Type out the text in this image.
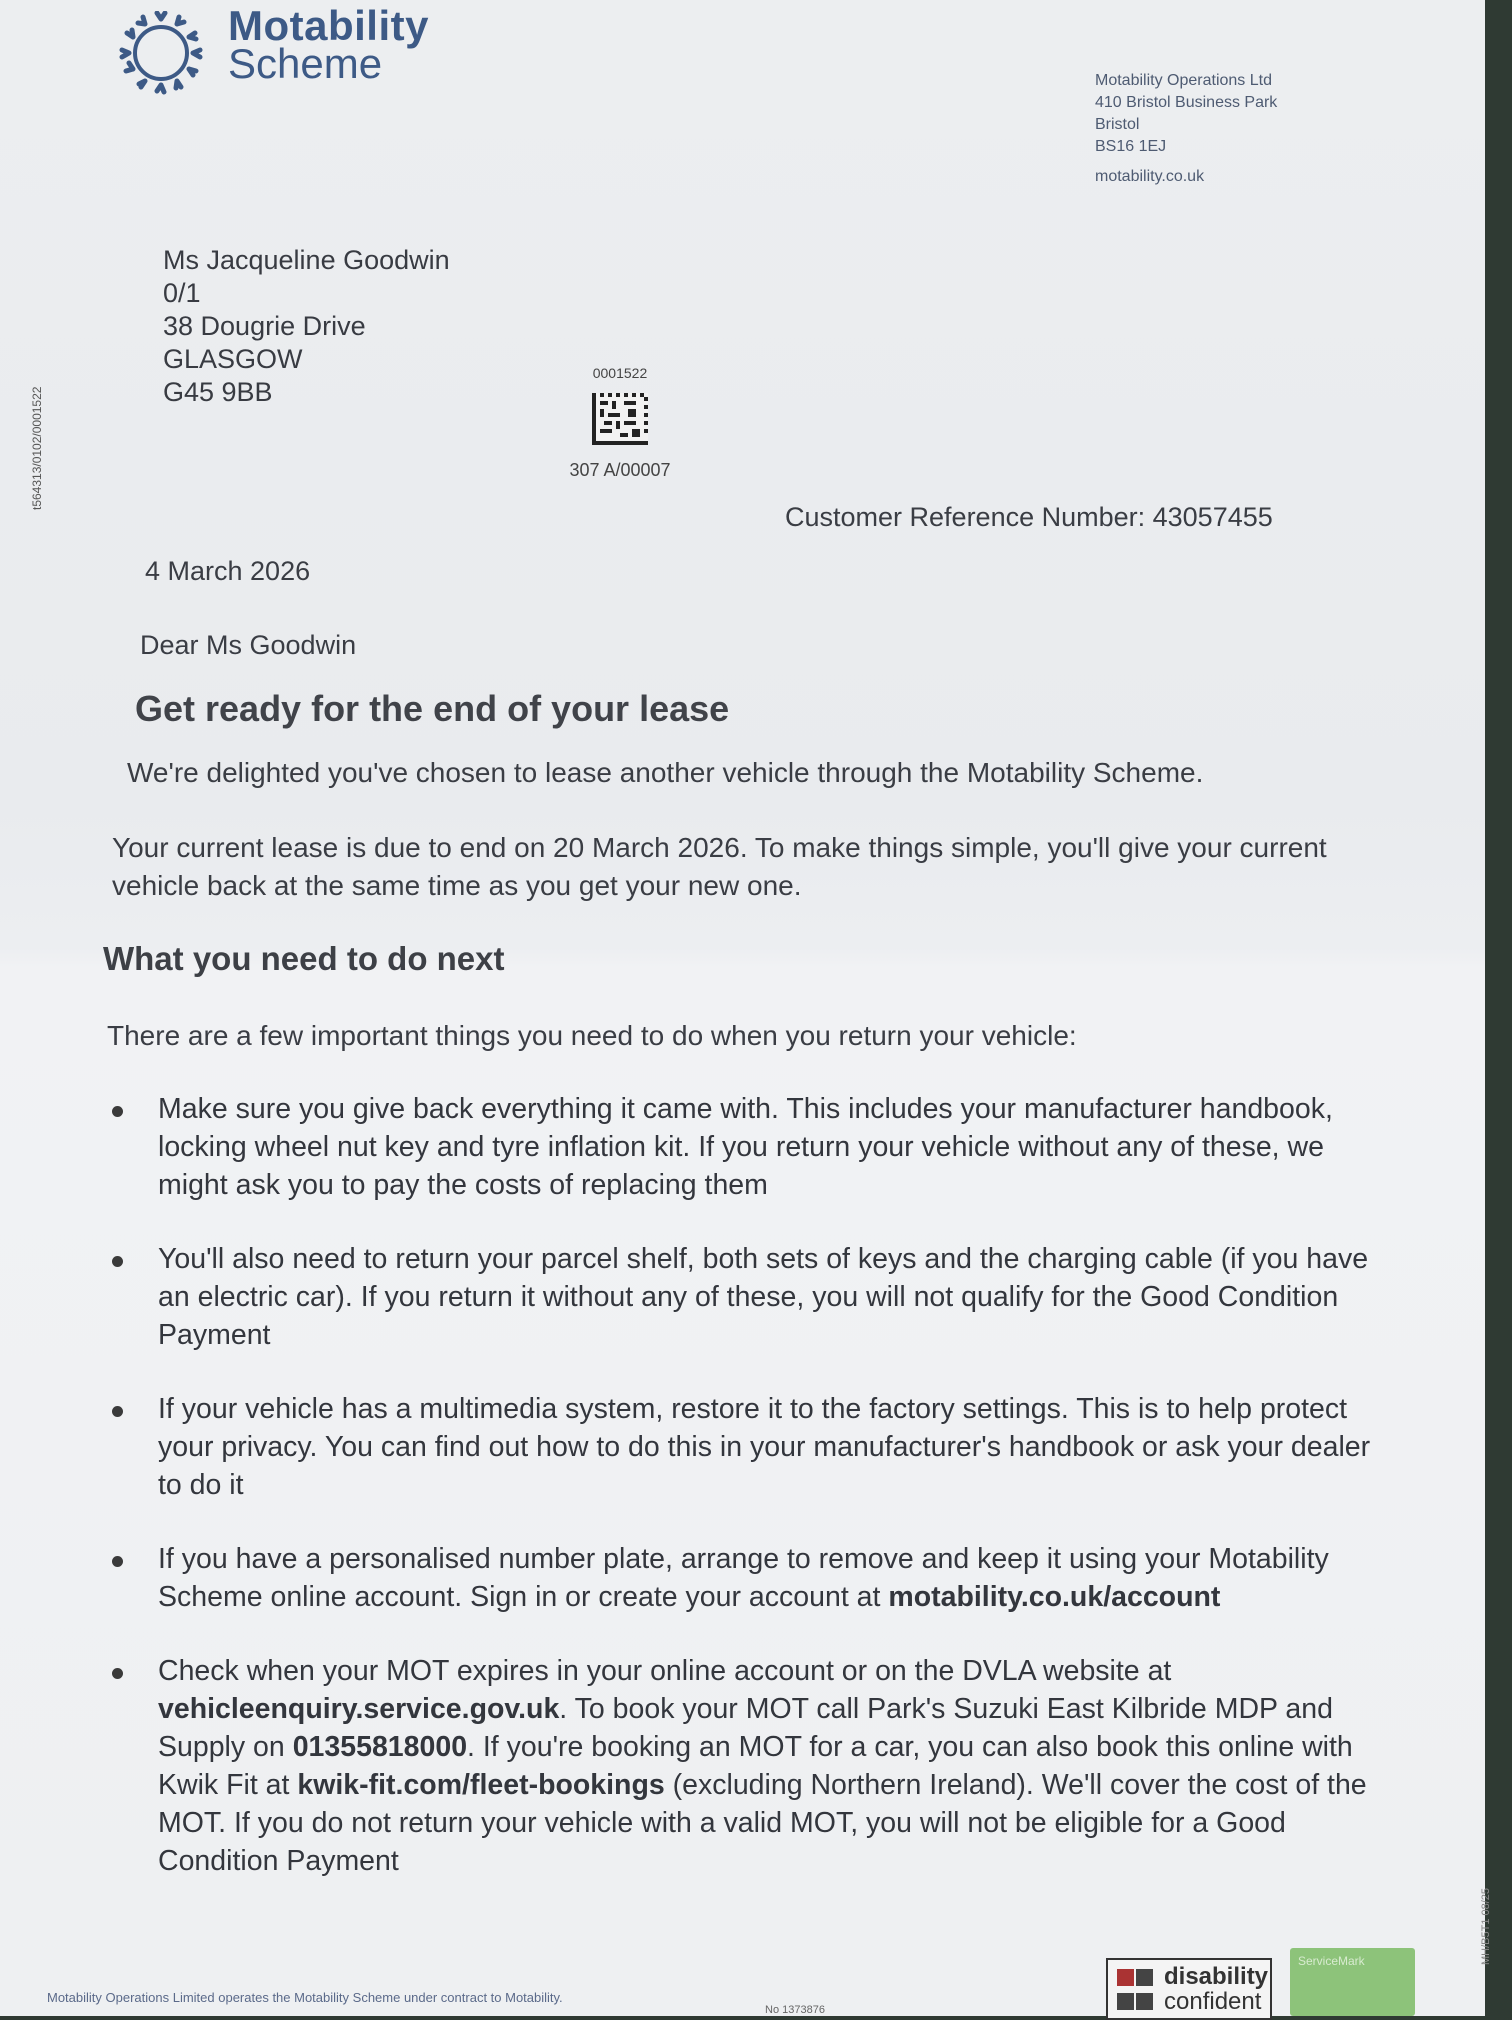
Motability
Scheme	Motability Operations Ltd
410 Bristol Business Park
Bristol
BS16 1EJ
motability.co.uk
Ms Jacqueline Goodwin
0/1
38 Dougrie Drive
GLASGOW
G45 9BB
0001522
307 A/00007
t564313/0102/0001522
Customer Reference Number: 43057455
4 March 2026
Dear Ms Goodwin
Get ready for the end of your lease
We're delighted you've chosen to lease another vehicle through the Motability Scheme.
Your current lease is due to end on 20 March 2026. To make things simple, you'll give your current vehicle back at the same time as you get your new one.
What you need to do next
There are a few important things you need to do when you return your vehicle:
Make sure you give back everything it came with. This includes your manufacturer handbook, locking wheel nut key and tyre inflation kit. If you return your vehicle without any of these, we might ask you to pay the costs of replacing them
You'll also need to return your parcel shelf, both sets of keys and the charging cable (if you have an electric car). If you return it without any of these, you will not qualify for the Good Condition Payment
If your vehicle has a multimedia system, restore it to the factory settings. This is to help protect your privacy. You can find out how to do this in your manufacturer's handbook or ask your dealer to do it
If you have a personalised number plate, arrange to remove and keep it using your Motability Scheme online account. Sign in or create your account at motability.co.uk/account
Check when your MOT expires in your online account or on the DVLA website at vehicleenquiry.service.gov.uk. To book your MOT call Park's Suzuki East Kilbride MDP and Supply on 01355818000. If you're booking an MOT for a car, you can also book this online with Kwik Fit at kwik-fit.com/fleet-bookings (excluding Northern Ireland). We'll cover the cost of the MOT. If you do not return your vehicle with a valid MOT, you will not be eligible for a Good Condition Payment
Motability Operations Limited operates the Motability Scheme under contract to Motability.
No 1373876
disability
confident
ServiceMark	MH/B5T1 08/25
